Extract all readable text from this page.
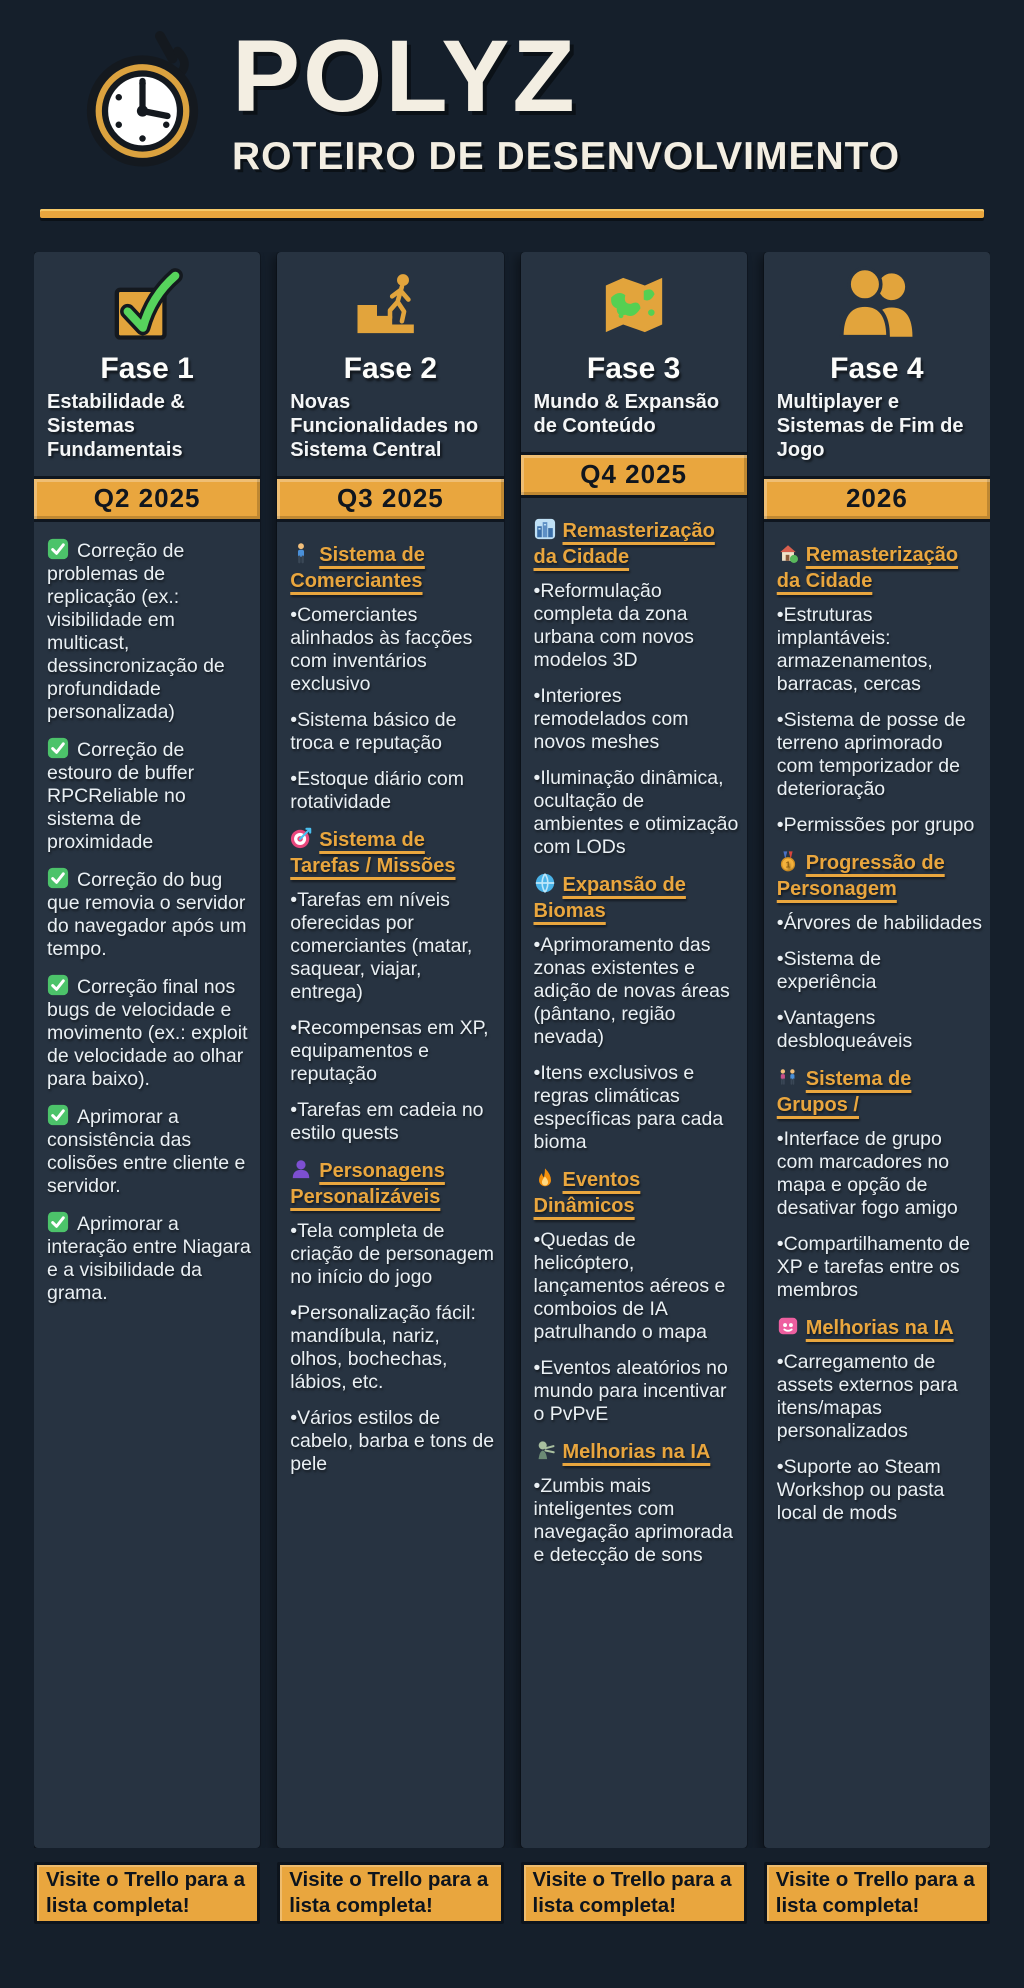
POLYZ
ROTEIRO DE DESENVOLVIMENTO
Fase 1

Estabilidade & Sistemas Fundamentais

Q2 2025

Correção de problemas de replicação (ex.: visibilidade em multicast, dessincronização de profundidade personalizada)

Correção de estouro de buffer RPCReliable no sistema de proximidade

Correção do bug que removia o servidor do navegador após um tempo.

Correção final nos bugs de velocidade e movimento (ex.: exploit de velocidade ao olhar para baixo).

Aprimorar a consistência das colisões entre cliente e servidor.

Aprimorar a interação entre Niagara e a visibilidade da grama.

Fase 2

Novas Funcionalidades no Sistema Central

Q3 2025
Sistema de Comerciantes

•Comerciantes alinhados às facções com inventários exclusivo

•Sistema básico de troca e reputação

•Estoque diário com rotatividade

Sistema de Tarefas / Missões

•Tarefas em níveis oferecidas por comerciantes (matar, saquear, viajar, entrega)

•Recompensas em XP, equipamentos e reputação

•Tarefas em cadeia no estilo quests

Personagens Personalizáveis

•Tela completa de criação de personagem no início do jogo

•Personalização fácil: mandíbula, nariz, olhos, bochechas, lábios, etc.

•Vários estilos de cabelo, barba e tons de pele

Fase 3

Mundo & Expansão de Conteúdo

Q4 2025
Remasterização da Cidade

•Reformulação completa da zona urbana com novos modelos 3D

•Interiores remodelados com novos meshes

•Iluminação dinâmica, ocultação de ambientes e otimização com LODs

Expansão de Biomas

•Aprimoramento das zonas existentes e adição de novas áreas (pântano, região nevada)

•Itens exclusivos e regras climáticas específicas para cada bioma

Eventos Dinâmicos

•Quedas de helicóptero, lançamentos aéreos e comboios de IA patrulhando o mapa

•Eventos aleatórios no mundo para incentivar o PvPvE

Melhorias na IA

•Zumbis mais inteligentes com navegação aprimorada e detecção de sons

Fase 4

Multiplayer e Sistemas de Fim de Jogo

2026
Remasterização da Cidade

•Estruturas implantáveis: armazenamentos, barracas, cercas

•Sistema de posse de terreno aprimorado com temporizador de deterioração

•Permissões por grupo

1 Progressão de Personagem

•Árvores de habilidades

•Sistema de experiência

•Vantagens desbloqueáveis

Sistema de Grupos /

•Interface de grupo com marcadores no mapa e opção de desativar fogo amigo

•Compartilhamento de XP e tarefas entre os membros

Melhorias na IA

•Carregamento de assets externos para itens/mapas personalizados

•Suporte ao Steam Workshop ou pasta local de mods

Visite o Trello para a lista completa!
Visite o Trello para a lista completa!
Visite o Trello para a lista completa!
Visite o Trello para a lista completa!
